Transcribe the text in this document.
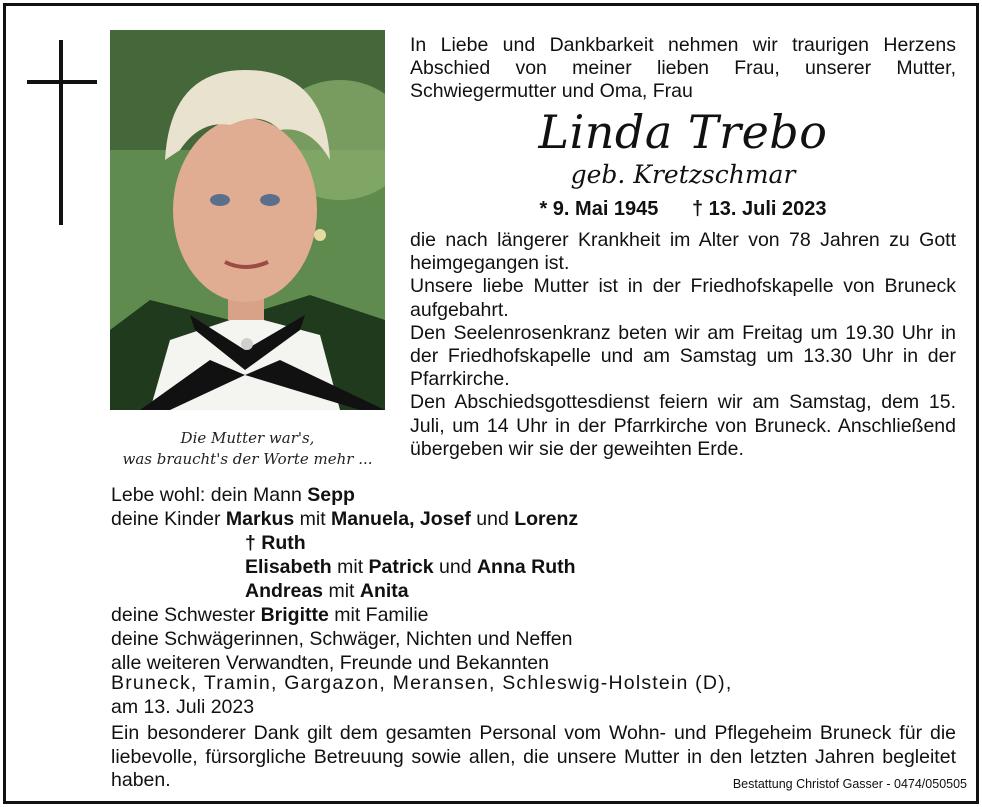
Die Mutter war's,
was braucht's der Worte mehr ...
In Liebe und Dankbarkeit nehmen wir traurigen Herzens Abschied von meiner lieben Frau, unserer Mutter, Schwiegermutter und Oma, Frau
Linda Trebo
geb. Kretzschmar
* 9. Mai 1945 † 13. Juli 2023

die nach längerer Krankheit im Alter von 78 Jahren zu Gott heimgegangen ist.

Unsere liebe Mutter ist in der Friedhofskapelle von Bruneck aufgebahrt.

Den Seelenrosenkranz beten wir am Freitag um 19.30 Uhr in der Friedhofskapelle und am Samstag um 13.30 Uhr in der Pfarrkirche.

Den Abschiedsgottesdienst feiern wir am Samstag, dem 15. Juli, um 14 Uhr in der Pfarrkirche von Bruneck. Anschließend übergeben wir sie der geweihten Erde.

Lebe wohl: dein Mann Sepp
deine Kinder Markus mit Manuela, Josef und Lorenz
† Ruth
Elisabeth mit Patrick und Anna Ruth
Andreas mit Anita
deine Schwester Brigitte mit Familie
deine Schwägerinnen, Schwäger, Nichten und Neffen
alle weiteren Verwandten, Freunde und Bekannten
Bruneck, Tramin, Gargazon, Meransen, Schleswig-Holstein (D),
am 13. Juli 2023
Ein besonderer Dank gilt dem gesamten Personal vom Wohn- und Pflegeheim Bruneck für die liebevolle, fürsorgliche Betreuung sowie allen, die unsere Mutter in den letzten Jahren begleitet haben.	Bestattung Christof Gasser - 0474/050505
